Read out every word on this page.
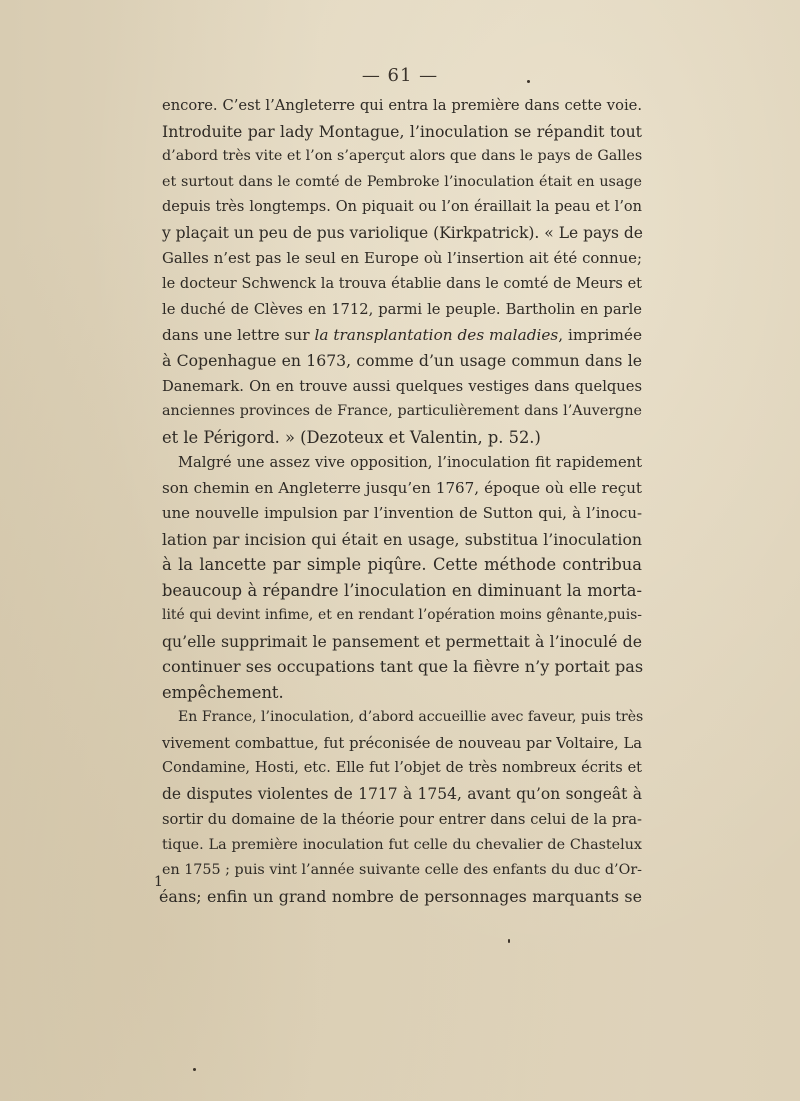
— 61 —
encore. C’est l’Angleterre qui entra la première dans cette voie.
Introduite par lady Montague, l’inoculation se répandit tout
d’abord très vite et l’on s’aperçut alors que dans le pays de Galles
et surtout dans le comté de Pembroke l’inoculation était en usage
depuis très longtemps. On piquait ou l’on éraillait la peau et l’on
y plaçait un peu de pus variolique (Kirkpatrick). « Le pays de
Galles n’est pas le seul en Europe où l’insertion ait été connue;
le docteur Schwenck la trouva établie dans le comté de Meurs et
le duché de Clèves en 1712, parmi le peuple. Bartholin en parle
dans une lettre sur la transplantation des maladies, imprimée
à Copenhague en 1673, comme d’un usage commun dans le
Danemark. On en trouve aussi quelques vestiges dans quelques
anciennes provinces de France, particulièrement dans l’Auvergne
et le Périgord. » (Dezoteux et Valentin, p. 52.)
Malgré une assez vive opposition, l’inoculation fit rapidement
son chemin en Angleterre jusqu’en 1767, époque où elle reçut
une nouvelle impulsion par l’invention de Sutton qui, à l’inocu-
lation par incision qui était en usage, substitua l’inoculation
à la lancette par simple piqûre. Cette méthode contribua
beaucoup à répandre l’inoculation en diminuant la morta-
lité qui devint infime, et en rendant l’opération moins gênante,puis-
qu’elle supprimait le pansement et permettait à l’inoculé de
continuer ses occupations tant que la fièvre n’y portait pas
empêchement.
En France, l’inoculation, d’abord accueillie avec faveur, puis très
vivement combattue, fut préconisée de nouveau par Voltaire, La
Condamine, Hosti, etc. Elle fut l’objet de très nombreux écrits et
de disputes violentes de 1717 à 1754, avant qu’on songeât à
sortir du domaine de la théorie pour entrer dans celui de la pra-
tique. La première inoculation fut celle du chevalier de Chastelux
en 1755 ; puis vint l’année suivante celle des enfants du duc d’Or-
éans; enfin un grand nombre de personnages marquants se
1
